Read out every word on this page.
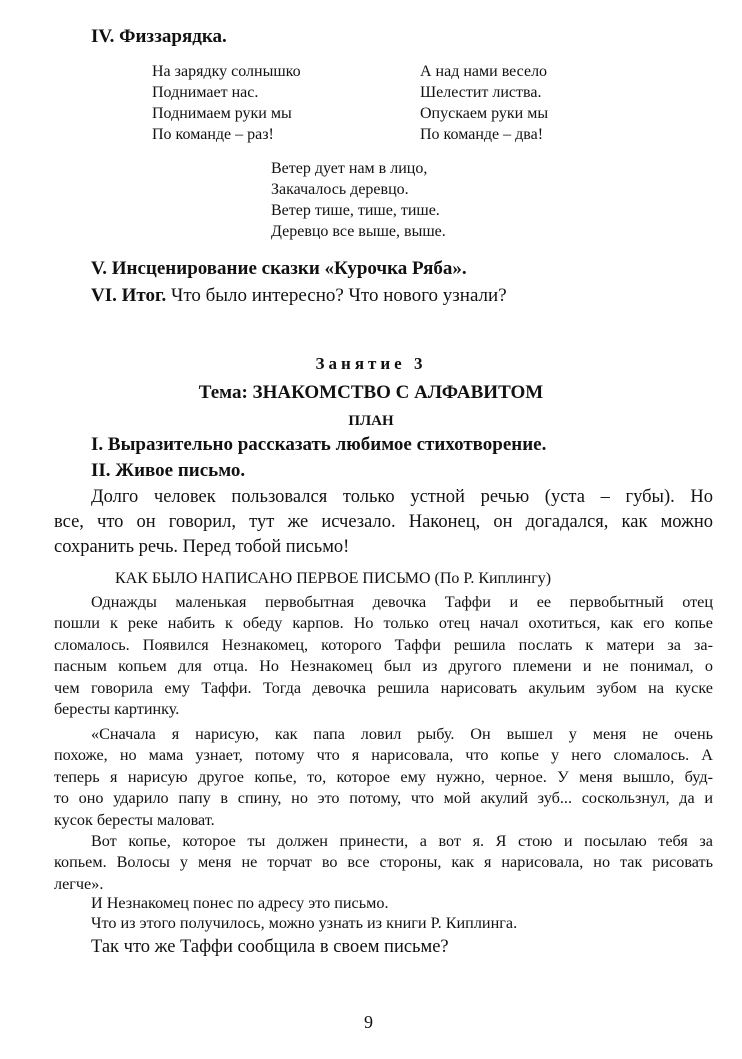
IV. Физзарядка.
На зарядку солнышко
Поднимает нас.
Поднимаем руки мы
По команде – раз!
А над нами весело
Шелестит листва.
Опускаем руки мы
По команде – два!
Ветер дует нам в лицо,
Закачалось деревцо.
Ветер тише, тише, тише.
Деревцо все выше, выше.
V. Инсценирование сказки «Курочка Ряба».
VI. Итог. Что было интересно? Что нового узнали?
Занятие 3
Тема: ЗНАКОМСТВО С АЛФАВИТОМ
ПЛАН
I. Выразительно рассказать любимое стихотворение.
II. Живое письмо.
Долго человек пользовался только устной речью (уста – губы). Но
все, что он говорил, тут же исчезало. Наконец, он догадался, как можно
сохранить речь. Перед тобой письмо!
КАК БЫЛО НАПИСАНО ПЕРВОЕ ПИСЬМО (По Р. Киплингу)
Однажды маленькая первобытная девочка Таффи и ее первобытный отец
пошли к реке набить к обеду карпов. Но только отец начал охотиться, как его копье
сломалось. Появился Незнакомец, которого Таффи решила послать к матери за за-
пасным копьем для отца. Но Незнакомец был из другого племени и не понимал, о
чем говорила ему Таффи. Тогда девочка решила нарисовать акульим зубом на куске
бересты картинку.
«Сначала я нарисую, как папа ловил рыбу. Он вышел у меня не очень
похоже, но мама узнает, потому что я нарисовала, что копье у него сломалось. А
теперь я нарисую другое копье, то, которое ему нужно, черное. У меня вышло, буд-
то оно ударило папу в спину, но это потому, что мой акулий зуб... соскользнул, да и
кусок бересты маловат.
Вот копье, которое ты должен принести, а вот я. Я стою и посылаю тебя за
копьем. Волосы у меня не торчат во все стороны, как я нарисовала, но так рисовать
легче».
И Незнакомец понес по адресу это письмо.
Что из этого получилось, можно узнать из книги Р. Киплинга.
Так что же Таффи сообщила в своем письме?
9
